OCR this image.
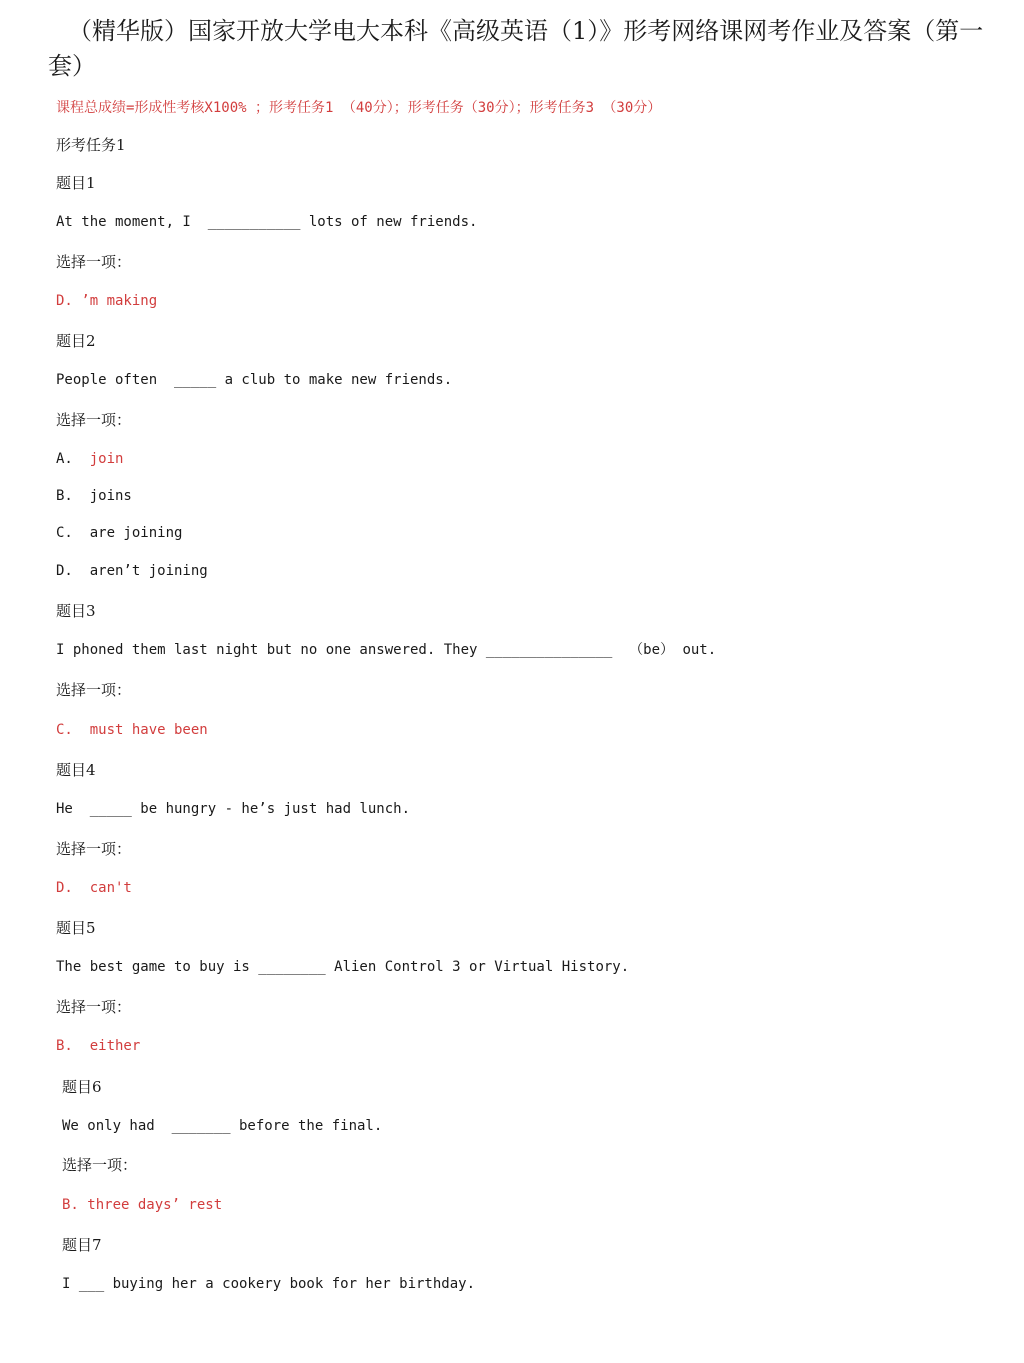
（精华版）国家开放大学电大本科《高级英语（1）》形考网络课网考作业及答案（第一套）
课程总成绩=形成性考核X100% ；形考任务1 （40分）；形考任务（30分）；形考任务3 （30分）
形考任务1
题目1
At the moment, I  ___________ lots of new friends.
选择一项：
D. ’m making
题目2
People often  _____ a club to make new friends.
选择一项：
A. join
B. joins
C. are joining
D. aren’t joining
题目3
I phoned them last night but no one answered. They _______________  （be） out.
选择一项：
C.  must have been
题目4
He  _____ be hungry - he’s just had lunch.
选择一项：
D.  can't
题目5
The best game to buy is ________ Alien Control 3 or Virtual History.
选择一项：
B.  either
题目6
We only had  _______ before the final.
选择一项：
B. three days’ rest
题目7
I ___ buying her a cookery book for her birthday.
